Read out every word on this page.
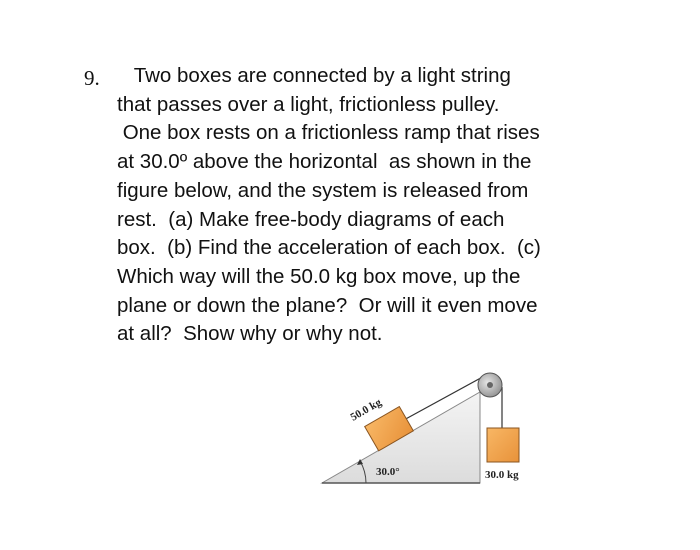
9. Two boxes are connected by a light string
that passes over a light, frictionless pulley.
One box rests on a frictionless ramp that rises
at 30.0º above the horizontal  as shown in the
figure below, and the system is released from
rest.  (a) Make free-body diagrams of each
box.  (b) Find the acceleration of each box.  (c)
Which way will the 50.0 kg box move, up the
plane or down the plane?  Or will it even move
at all?  Show why or why not.
50.0 kg
30.0°	30.0 kg
